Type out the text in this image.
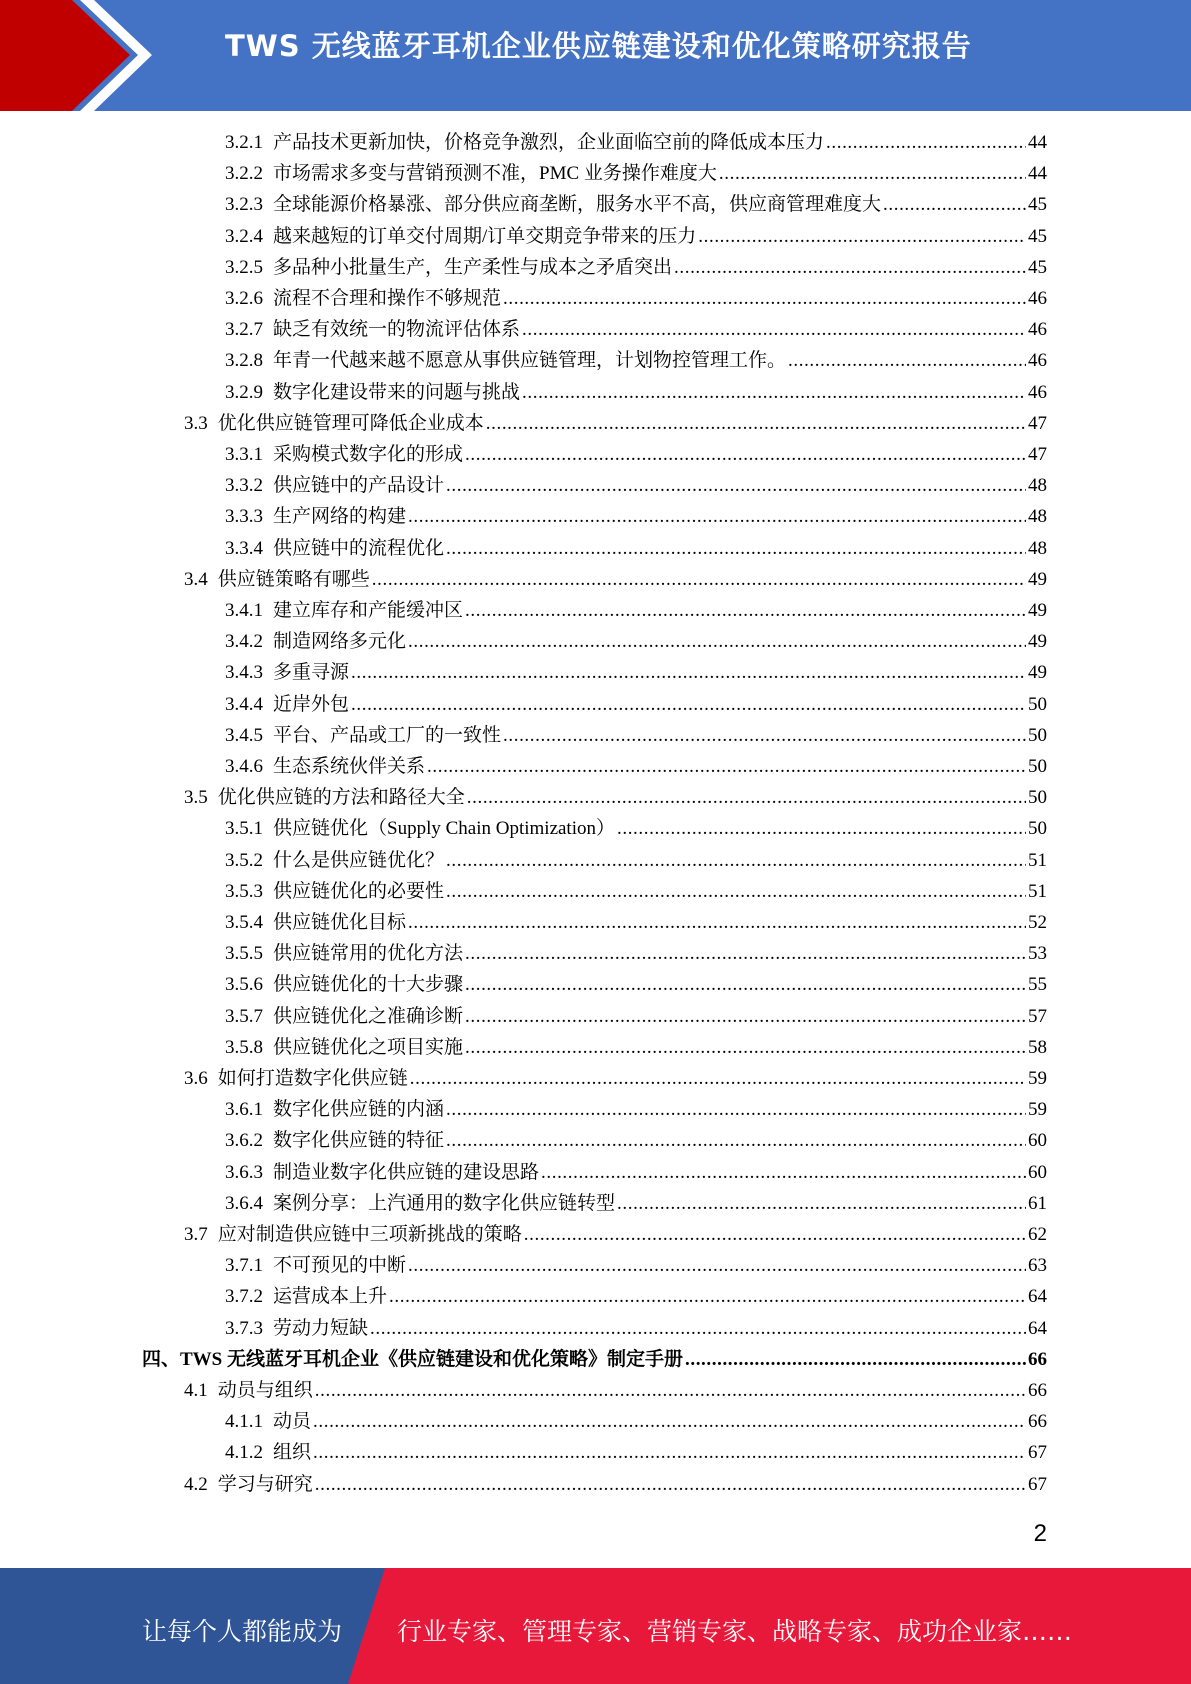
TWS 无线蓝牙耳机企业供应链建设和优化策略研究报告
3.2.1 产品技术更新加快，价格竞争激烈，企业面临空前的降低成本压力 .....	44
3.2.2 市场需求多变与营销预测不准，PMC 业务操作难度大 .....	44
3.2.3 全球能源价格暴涨、部分供应商垄断，服务水平不高，供应商管理难度大 .....	45
3.2.4 越来越短的订单交付周期/订单交期竞争带来的压力 .....	45
3.2.5 多品种小批量生产，生产柔性与成本之矛盾突出 .....	45
3.2.6 流程不合理和操作不够规范 .....	46
3.2.7 缺乏有效统一的物流评估体系 .....	46
3.2.8 年青一代越来越不愿意从事供应链管理，计划物控管理工作。 .....	46
3.2.9 数字化建设带来的问题与挑战 .....	46
3.3 优化供应链管理可降低企业成本 .....	47
3.3.1 采购模式数字化的形成 .....	47
3.3.2 供应链中的产品设计 .....	48
3.3.3 生产网络的构建 .....	48
3.3.4 供应链中的流程优化 .....	48
3.4 供应链策略有哪些 .....	49
3.4.1 建立库存和产能缓冲区 .....	49
3.4.2 制造网络多元化 .....	49
3.4.3 多重寻源 .....	49
3.4.4 近岸外包 .....	50
3.4.5 平台、产品或工厂的一致性 .....	50
3.4.6 生态系统伙伴关系 .....	50
3.5 优化供应链的方法和路径大全 .....	50
3.5.1 供应链优化（Supply Chain Optimization） .....	50
3.5.2 什么是供应链优化？ .....	51
3.5.3 供应链优化的必要性 .....	51
3.5.4 供应链优化目标 .....	52
3.5.5 供应链常用的优化方法 .....	53
3.5.6 供应链优化的十大步骤 .....	55
3.5.7 供应链优化之准确诊断 .....	57
3.5.8 供应链优化之项目实施 .....	58
3.6 如何打造数字化供应链 .....	59
3.6.1 数字化供应链的内涵 .....	59
3.6.2 数字化供应链的特征 .....	60
3.6.3 制造业数字化供应链的建设思路 .....	60
3.6.4 案例分享：上汽通用的数字化供应链转型 .....	61
3.7 应对制造供应链中三项新挑战的策略 .....	62
3.7.1 不可预见的中断 .....	63
3.7.2 运营成本上升 .....	64
3.7.3 劳动力短缺 .....	64
四、TWS 无线蓝牙耳机企业《供应链建设和优化策略》制定手册 .....	66
4.1 动员与组织 .....	66
4.1.1 动员 .....	66
4.1.2 组织 .....	67
4.2 学习与研究 .....	67
2
让每个人都能成为 行业专家、管理专家、营销专家、战略专家、成功企业家……
